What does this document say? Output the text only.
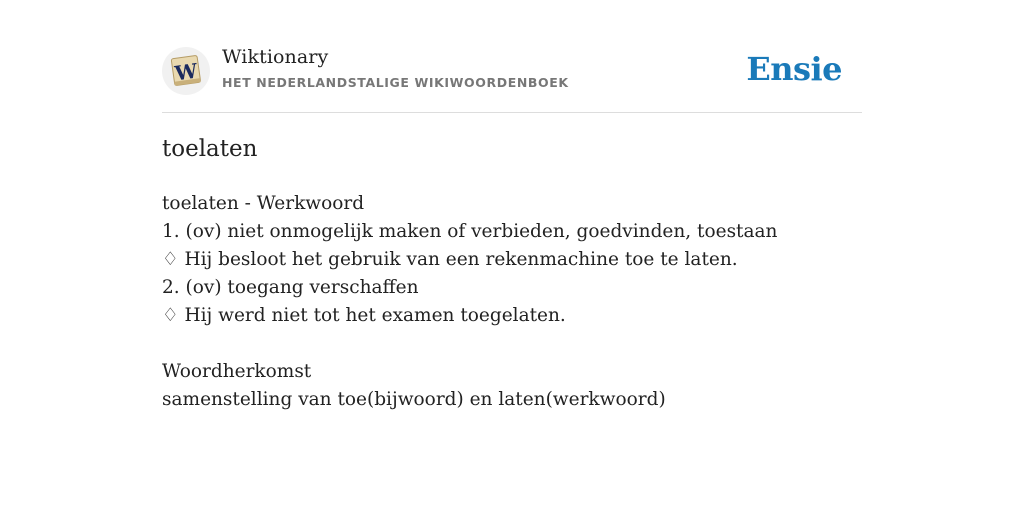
W
Wiktionary
HET NEDERLANDSTALIGE WIKIWOORDENBOEK	Ensie
toelaten
toelaten - Werkwoord
1. (ov) niet onmogelijk maken of verbieden, goedvinden, toestaan
♢ Hij besloot het gebruik van een rekenmachine toe te laten.
2. (ov) toegang verschaffen
♢ Hij werd niet tot het examen toegelaten.
Woordherkomst
samenstelling van toe(bijwoord) en laten(werkwoord)
